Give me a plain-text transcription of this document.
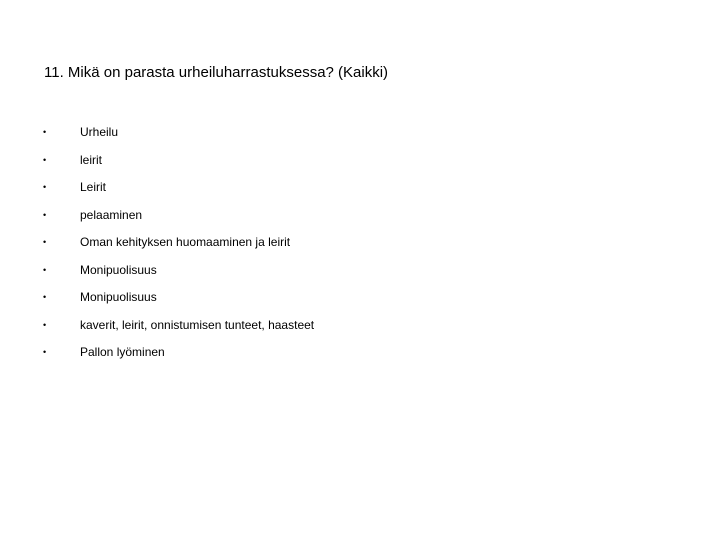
11. Mikä on parasta urheiluharrastuksessa? (Kaikki)
•	Urheilu
•	leirit
•	Leirit
•	pelaaminen
•	Oman kehityksen huomaaminen ja leirit
•	Monipuolisuus
•	Monipuolisuus
•	kaverit, leirit, onnistumisen tunteet, haasteet
•	Pallon lyöminen
